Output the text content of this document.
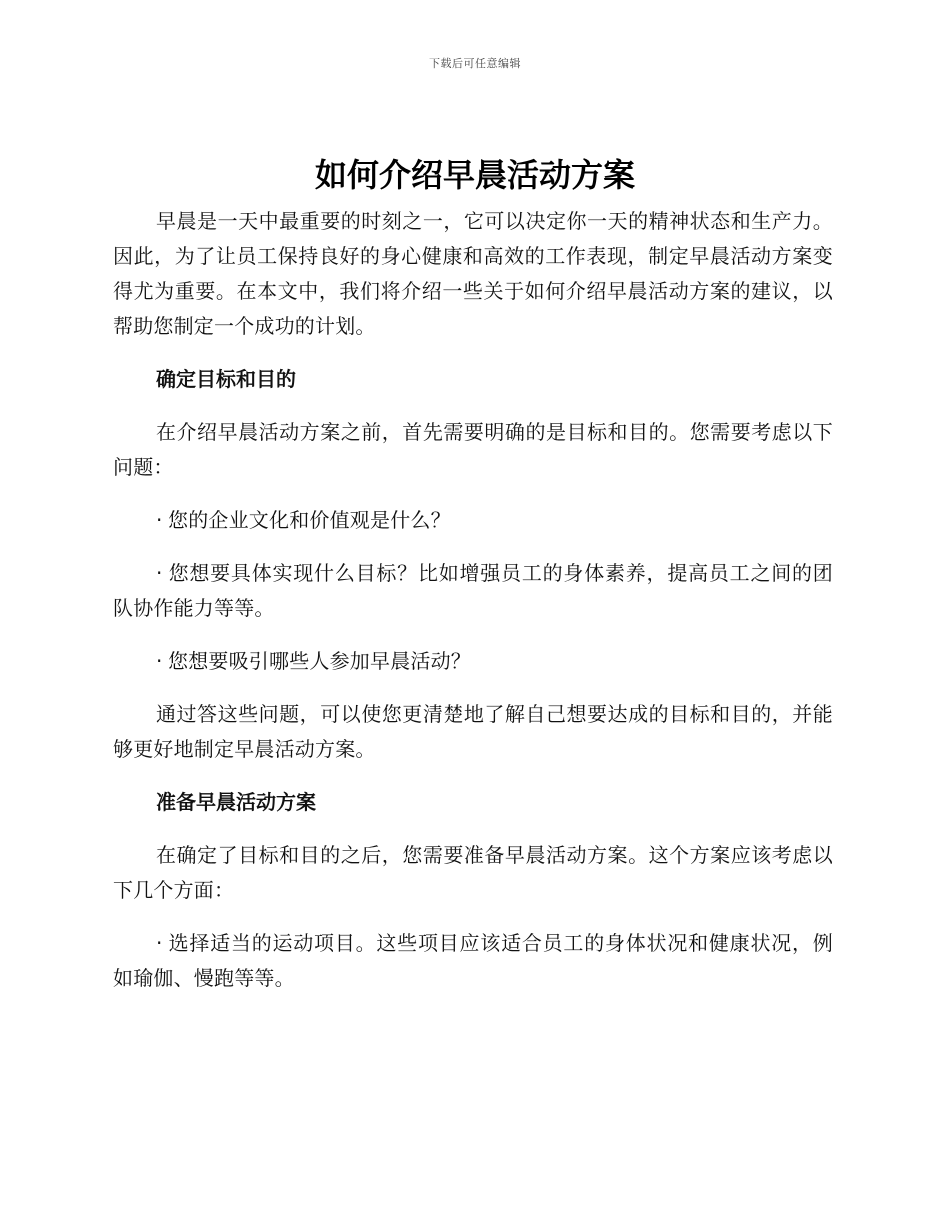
下载后可任意编辑
如何介绍早晨活动方案

早晨是一天中最重要的时刻之一，它可以决定你一天的精神状态和生产力。因此，为了让员工保持良好的身心健康和高效的工作表现，制定早晨活动方案变得尤为重要。在本文中，我们将介绍一些关于如何介绍早晨活动方案的建议，以帮助您制定一个成功的计划。

确定目标和目的

在介绍早晨活动方案之前，首先需要明确的是目标和目的。您需要考虑以下问题：

· 您的企业文化和价值观是什么？

· 您想要具体实现什么目标？比如增强员工的身体素养，提高员工之间的团队协作能力等等。

· 您想要吸引哪些人参加早晨活动？

通过答这些问题，可以使您更清楚地了解自己想要达成的目标和目的，并能够更好地制定早晨活动方案。

准备早晨活动方案

在确定了目标和目的之后，您需要准备早晨活动方案。这个方案应该考虑以下几个方面：

· 选择适当的运动项目。这些项目应该适合员工的身体状况和健康状况，例如瑜伽、慢跑等等。
